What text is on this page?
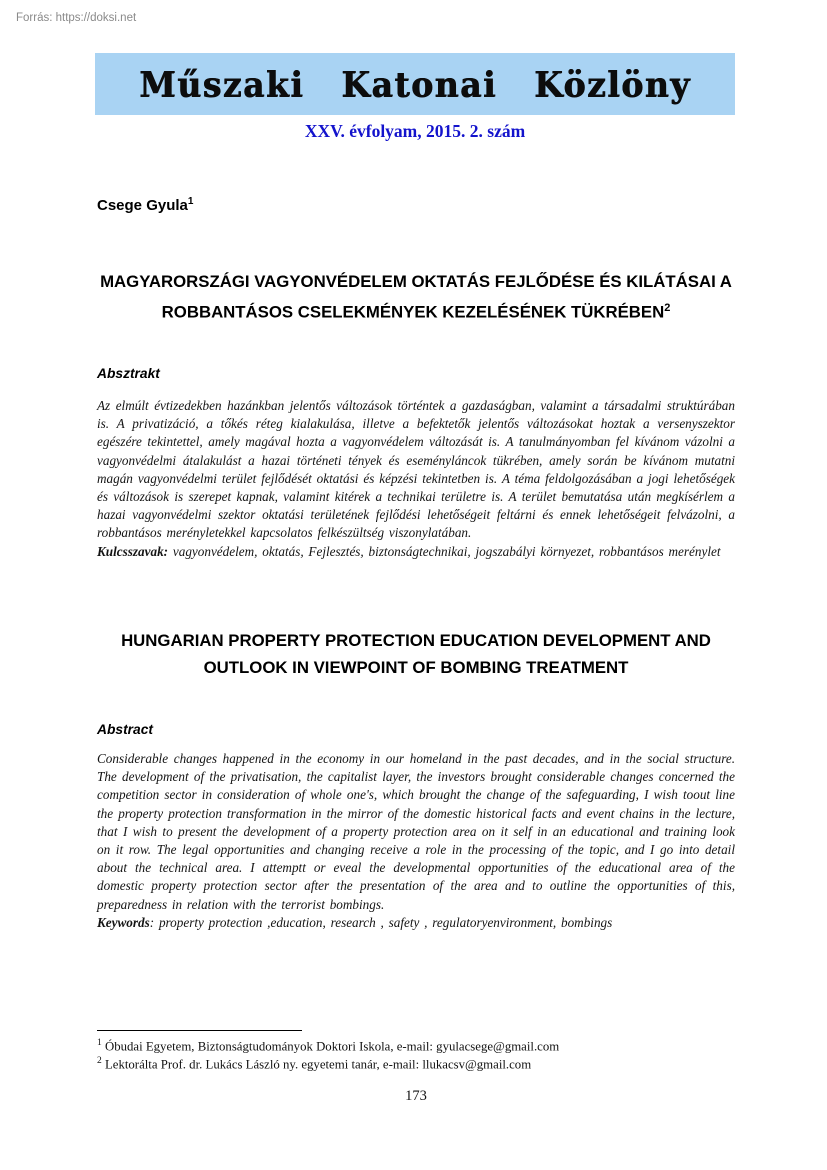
Forrás: https://doksi.net
Műszaki Katonai Közlöny
XXV. évfolyam, 2015. 2. szám
Csege Gyula$^1$
MAGYARORSZÁGI VAGYONVÉDELEM OKTATÁS FEJLŐDÉSE ÉS KILÁTÁSAI A ROBBANTÁSOS CSELEKMÉNYEK KEZELÉSÉNEK TÜKRÉBEN$^2$
Absztrakt

Az elmúlt évtizedekben hazánkban jelentős változások történtek a gazdaságban, valamint a társadalmi struktúrában is. A privatizáció, a tőkés réteg kialakulása, illetve a befektetők jelentős változásokat hoztak a versenyszektor egészére tekintettel, amely magával hozta a vagyonvédelem változását is. A tanulmányomban fel kívánom vázolni a vagyonvédelmi átalakulást a hazai történeti tények és eseményláncok tükrében, amely során be kívánom mutatni magán vagyonvédelmi terület fejlődését oktatási és képzési tekintetben is. A téma feldolgozásában a jogi lehetőségek és változások is szerepet kapnak, valamint kitérek a technikai területre is. A terület bemutatása után megkísérlem a hazai vagyonvédelmi szektor oktatási területének fejlődési lehetőségeit feltárni és ennek lehetőségeit felvázolni, a robbantásos merényletekkel kapcsolatos felkészültség viszonylatában.

Kulcsszavak: vagyonvédelem, oktatás, Fejlesztés, biztonságtechnikai, jogszabályi környezet, robbantásos merénylet

HUNGARIAN PROPERTY PROTECTION EDUCATION DEVELOPMENT AND OUTLOOK IN VIEWPOINT OF BOMBING TREATMENT
Abstract

Considerable changes happened in the economy in our homeland in the past decades, and in the social structure. The development of the privatisation, the capitalist layer, the investors brought considerable changes concerned the competition sector in consideration of whole one's, which brought the change of the safeguarding, I wish toout line the property protection transformation in the mirror of the domestic historical facts and event chains in the lecture, that I wish to present the development of a property protection area on it self in an educational and training look on it row. The legal opportunities and changing receive a role in the processing of the topic, and I go into detail about the technical area. I attemptt or eveal the developmental opportunities of the educational area of the domestic property protection sector after the presentation of the area and to outline the opportunities of this, preparedness in relation with the terrorist bombings.

Keywords: property protection ,education, research , safety , regulatoryenvironment, bombings

$^1$ Óbudai Egyetem, Biztonságtudományok Doktori Iskola, e-mail: gyulacsege@gmail.com
$^2$ Lektorálta Prof. dr. Lukács László ny. egyetemi tanár, e-mail: llukacsv@gmail.com
173
